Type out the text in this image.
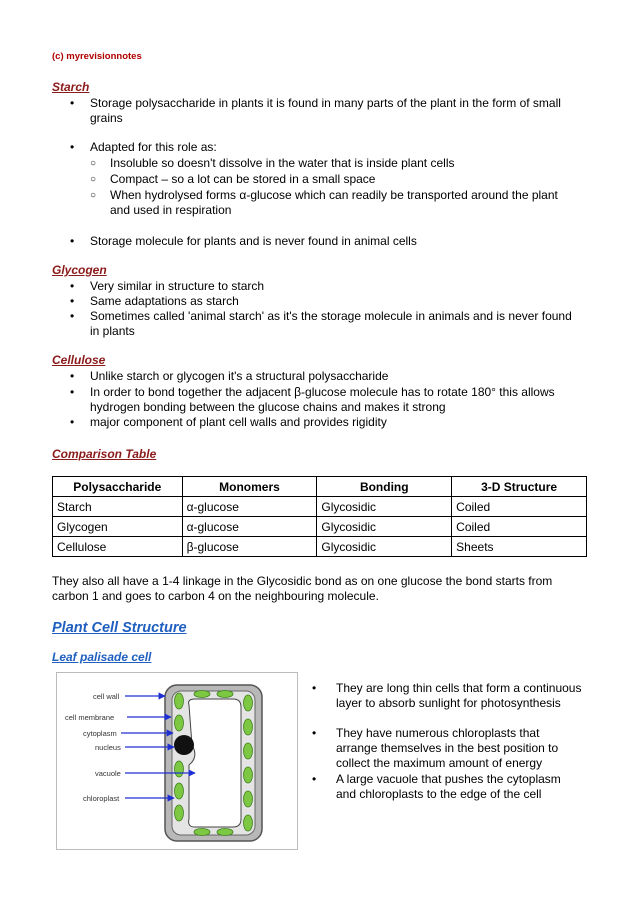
(c) myrevisionnotes
Starch
• Storage polysaccharide in plants it is found in many parts of the plant in the form of small grains
• Adapted for this role as:
○ Insoluble so doesn't dissolve in the water that is inside plant cells
○ Compact – so a lot can be stored in a small space
○ When hydrolysed forms α-glucose which can readily be transported around the plant and used in respiration
• Storage molecule for plants and is never found in animal cells
Glycogen
• Very similar in structure to starch
• Same adaptations as starch
• Sometimes called 'animal starch' as it's the storage molecule in animals and is never found in plants
Cellulose
• Unlike starch or glycogen it's a structural polysaccharide
• In order to bond together the adjacent β-glucose molecule has to rotate 180° this allows hydrogen bonding between the glucose chains and makes it strong
• major component of plant cell walls and provides rigidity
Comparison Table
Polysaccharide	Monomers	Bonding	3-D Structure
Starch	α-glucose	Glycosidic	Coiled
Glycogen	α-glucose	Glycosidic	Coiled
Cellulose	β-glucose	Glycosidic	Sheets
They also all have a 1-4 linkage in the Glycosidic bond as on one glucose the bond starts from carbon 1 and goes to carbon 4 on the neighbouring molecule.
Plant Cell Structure
Leaf palisade cell
cell wall
cell membrane
cytoplasm
nucleus
vacuole
chloroplast
• They are long thin cells that form a continuous layer to absorb sunlight for photosynthesis
• They have numerous chloroplasts that arrange themselves in the best position to collect the maximum amount of energy
• A large vacuole that pushes the cytoplasm and chloroplasts to the edge of the cell
